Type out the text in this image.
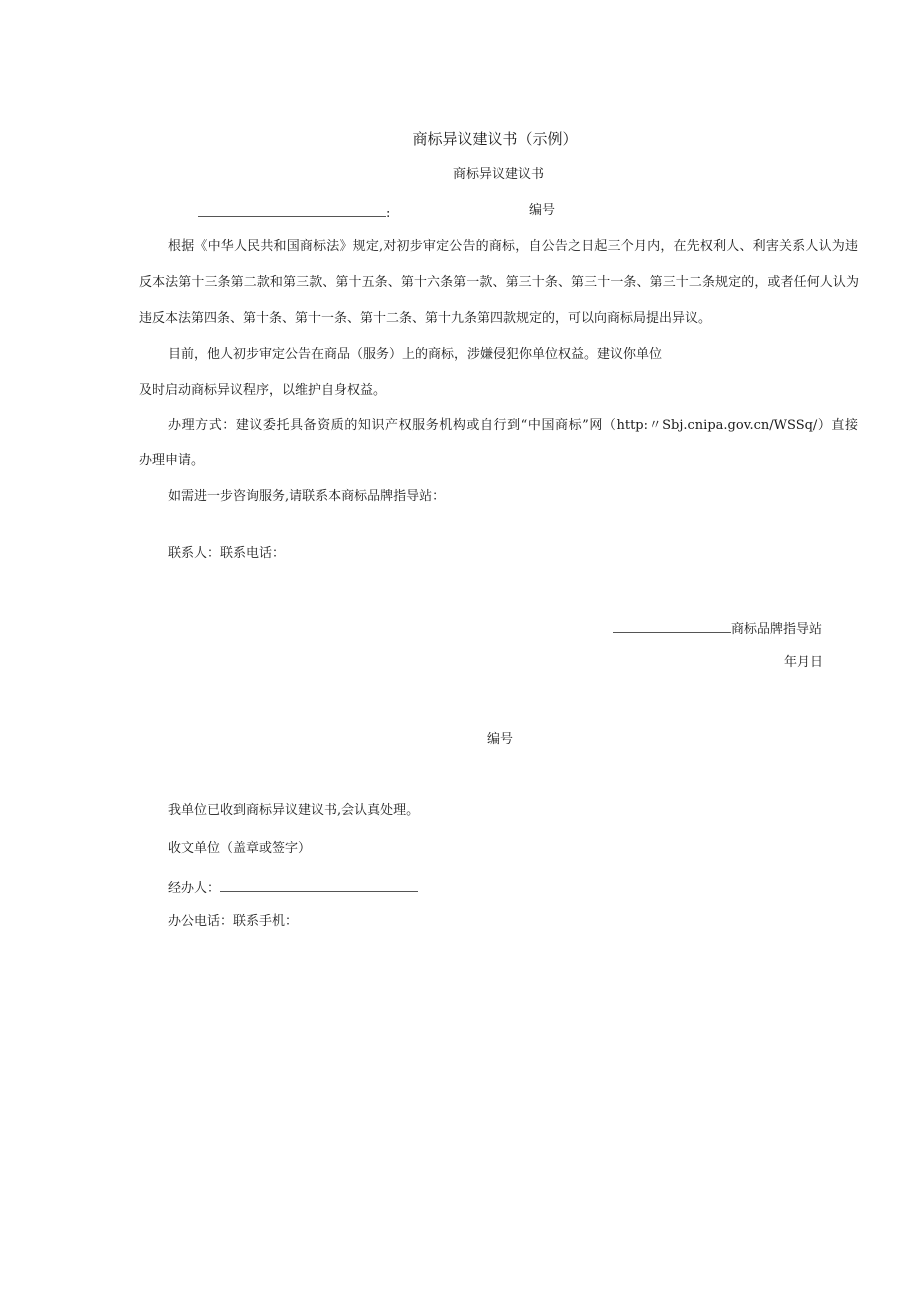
商标异议建议书（示例）
商标异议建议书
:	编号
根据《中华人民共和国商标法》规定,对初步审定公告的商标，自公告之日起三个月内，在先权利人、利害关系人认为违
反本法第十三条第二款和第三款、第十五条、第十六条第一款、第三十条、第三十一条、第三十二条规定的，或者任何人认为
违反本法第四条、第十条、第十一条、第十二条、第十九条第四款规定的，可以向商标局提出异议。
目前，他人初步审定公告在商品（服务）上的商标，涉嫌侵犯你单位权益。建议你单位
及时启动商标异议程序，以维护自身权益。
办理方式：建议委托具备资质的知识产权服务机构或自行到“中国商标”网（http:〃Sbj.cnipa.gov.cn/WSSq/）直接
办理申请。
如需进一步咨询服务,请联系本商标品牌指导站：
联系人：联系电话：
商标品牌指导站
年月日
编号
我单位已收到商标异议建议书,会认真处理。
收文单位（盖章或签字）
经办人：
办公电话：联系手机：
